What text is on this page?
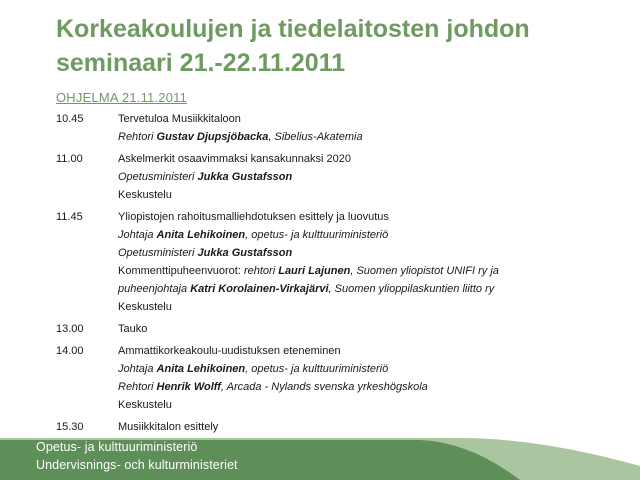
Korkeakoulujen ja tiedelaitosten johdon seminaari 21.-22.11.2011
OHJELMA 21.11.2011
10.45	Tervetuloa Musiikkitaloon
Rehtori Gustav Djupsjöbacka, Sibelius-Akatemia
11.00	Askelmerkit osaavimmaksi kansakunnaksi 2020
Opetusministeri Jukka Gustafsson
Keskustelu
11.45	Yliopistojen rahoitusmalliehdotuksen esittely ja luovutus
Johtaja Anita Lehikoinen, opetus- ja kulttuuriministeriö
Opetusministeri Jukka Gustafsson
Kommenttipuheenvuorot: rehtori Lauri Lajunen, Suomen yliopistot UNIFI ry ja
puheenjohtaja Katri Korolainen-Virkajärvi, Suomen ylioppilaskuntien liitto ry
Keskustelu
13.00	Tauko
14.00	Ammattikorkeakoulu-uudistuksen eteneminen
Johtaja Anita Lehikoinen, opetus- ja kulttuuriministeriö
Rehtori Henrik Wolff, Arcada - Nylands svenska yrkeshögskola
Keskustelu
15.30	Musiikkitalon esittely
Opetus- ja kulttuuriministeriö
Undervisnings- och kulturministeriet
